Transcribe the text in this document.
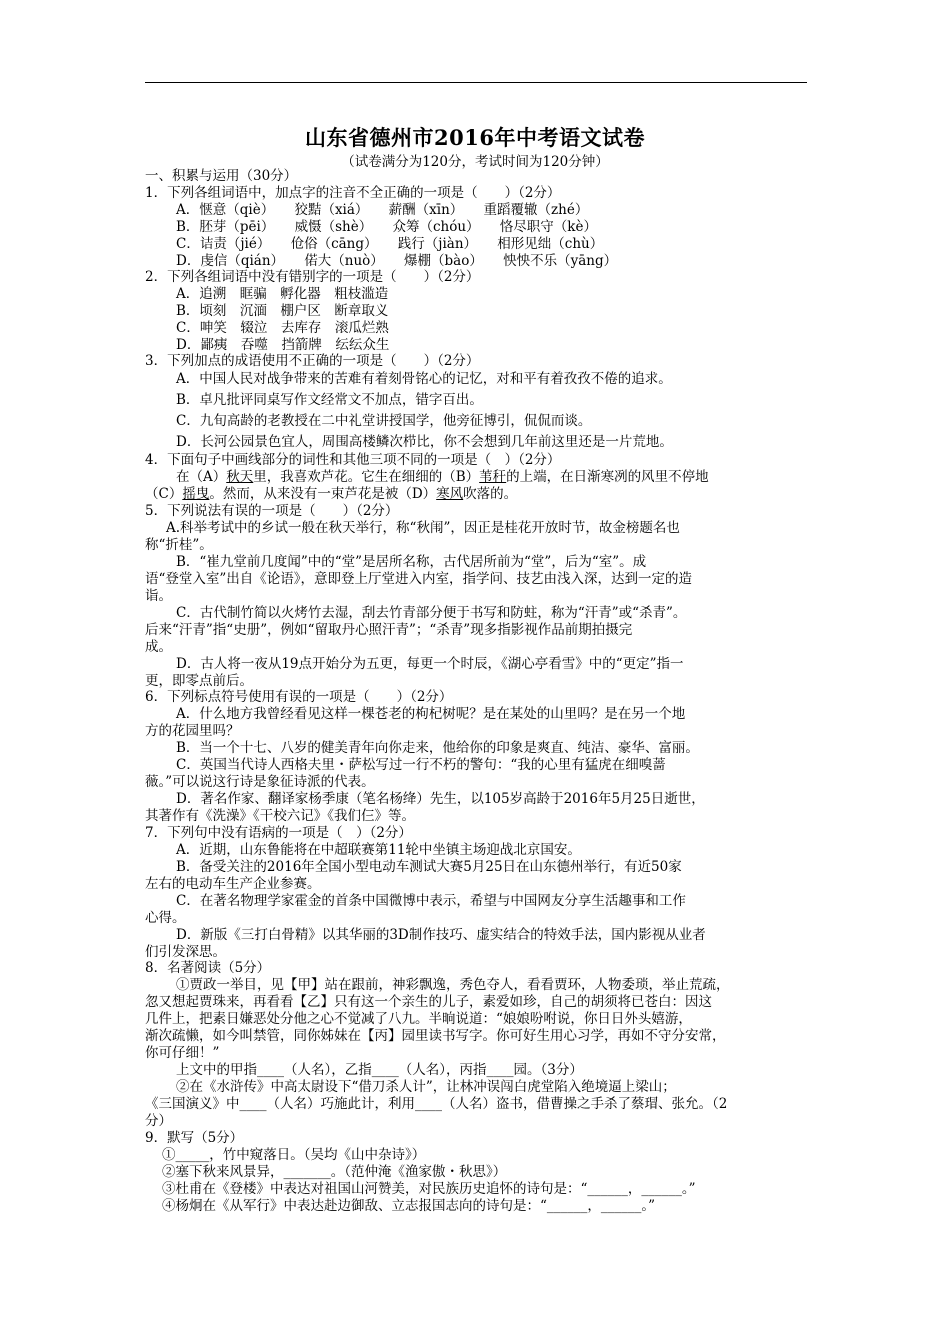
山东省德州市2016年中考语文试卷
（试卷满分为120分，考试时间为120分钟）
一、积累与运用（30分）
1．下列各组词语中，加点字的注音不全正确的一项是（　　）（2分）
A．惬意（qiè）　　狡黠（xiá）　　薪酬（xīn）　　重蹈覆辙（zhé）
B．胚芽（pēi）　　威慑（shè）　　众筹（chóu）　　恪尽职守（kè）
C．诘责（jié）　　伧俗（cāng）　　践行（jiàn）　　相形见绌（chù）
D．虔信（qián）　　偌大（nuò）　　爆棚（bào）　　怏怏不乐（yāng）
2．下列各组词语中没有错别字的一项是（　　）（2分）
A．追溯　眶骗　孵化器　粗枝滥造
B．顷刻　沉湎　棚户区　断章取义
C．呻笑　辍泣　去库存　滚瓜烂熟
D．鄙痍　吞噬　挡箭牌　纭纭众生
3．下列加点的成语使用不正确的一项是（　　）（2分）
A．中国人民对战争带来的苦难有着刻骨铭心的记忆，对和平有着孜孜不倦的追求。
B．卓凡批评同桌写作文经常文不加点，错字百出。
C．九旬高龄的老教授在二中礼堂讲授国学，他旁征博引，侃侃而谈。
D．长河公园景色宜人，周围高楼鳞次栉比，你不会想到几年前这里还是一片荒地。
4．下面句子中画线部分的词性和其他三项不同的一项是（　）（2分）
在（A）秋天里，我喜欢芦花。它生在细细的（B）苇秆的上端，在日渐寒冽的风里不停地
（C）摇曳。然而，从来没有一束芦花是被（D）寒风吹落的。
5．下列说法有误的一项是（　　）（2分）
A.科举考试中的乡试一般在秋天举行，称“秋闱”，因正是桂花开放时节，故金榜题名也
称“折桂”。
B．“崔九堂前几度闻”中的“堂”是居所名称，古代居所前为“堂”，后为“室”。成
语“登堂入室”出自《论语》，意即登上厅堂进入内室，指学问、技艺由浅入深，达到一定的造
诣。
C．古代制竹简以火烤竹去湿，刮去竹青部分便于书写和防蛀，称为“汗青”或“杀青”。
后来“汗青”指“史册”，例如“留取丹心照汗青”；“杀青”现多指影视作品前期拍摄完
成。
D．古人将一夜从19点开始分为五更，每更一个时辰，《湖心亭看雪》中的“更定”指一
更，即零点前后。
6．下列标点符号使用有误的一项是（　　）（2分）
A．什么地方我曾经看见这样一棵苍老的枸杞树呢？是在某处的山里吗？是在另一个地
方的花园里吗？
B．当一个十七、八岁的健美青年向你走来，他给你的印象是爽直、纯洁、豪华、富丽。
C．英国当代诗人西格夫里・萨松写过一行不朽的警句：“我的心里有猛虎在细嗅蔷
薇。”可以说这行诗是象征诗派的代表。
D．著名作家、翻译家杨季康（笔名杨绛）先生，以105岁高龄于2016年5月25日逝世，
其著作有《洗澡》《干校六记》《我们仨》等。
7．下列句中没有语病的一项是（　）（2分）
A．近期，山东鲁能将在中超联赛第11轮中坐镇主场迎战北京国安。
B．备受关注的2016年全国小型电动车测试大赛5月25日在山东德州举行，有近50家
左右的电动车生产企业参赛。
C．在著名物理学家霍金的首条中国微博中表示，希望与中国网友分享生活趣事和工作
心得。
D．新版《三打白骨精》以其华丽的3D制作技巧、虚实结合的特效手法，国内影视从业者
们引发深思。
8．名著阅读（5分）
①贾政一举目，见【甲】站在跟前，神彩飘逸，秀色夺人，看看贾环，人物委琐，举止荒疏，
忽又想起贾珠来，再看看【乙】只有这一个亲生的儿子，素爱如珍，自己的胡须将已苍白：因这
几件上，把素日嫌恶处分他之心不觉减了八九。半晌说道：“娘娘吩咐说，你日日外头嬉游，
渐次疏懒，如今叫禁管，同你姊妹在【丙】园里读书写字。你可好生用心习学，再如不守分安常，
你可仔细！”
上文中的甲指____（人名），乙指____（人名），丙指____园。（3分）
②在《水浒传》中高太尉设下“借刀杀人计”，让林冲误闯白虎堂陷入绝境逼上梁山；
《三国演义》中____（人名）巧施此计，利用____（人名）盗书，借曹操之手杀了蔡瑁、张允。（2
分）
9．默写（5分）
①_____，竹中窥落日。（吴均《山中杂诗》）
②塞下秋来风景异，_______。（范仲淹《渔家傲・秋思》）
③杜甫在《登楼》中表达对祖国山河赞美，对民族历史追怀的诗句是：“______，______。”
④杨炯在《从军行》中表达赴边御敌、立志报国志向的诗句是：“______，______。”
